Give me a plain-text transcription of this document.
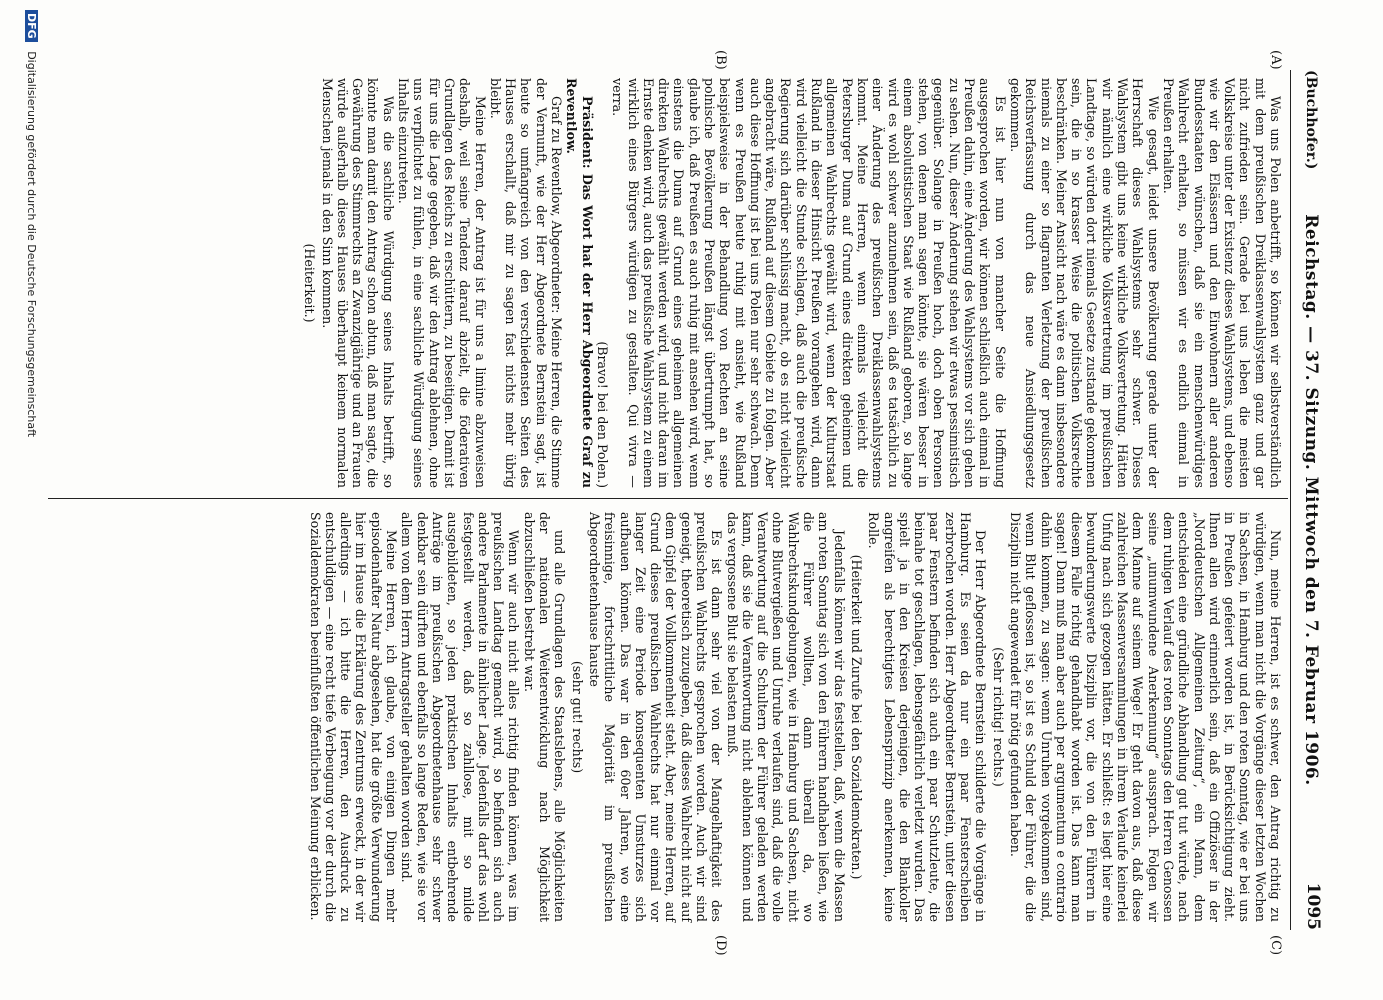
(Buchhofer.)
Reichstag. — 37. Sitzung. Mittwoch den 7. Februar 1906.
1095
(A)
(B)
(C)
(D)

Was uns Polen anbetrifft, so können wir selbstverständlich mit dem preußischen Dreiklassenwahlsystem ganz und gar nicht zufrieden sein. Gerade bei uns leben die meisten Volkskreise unter der Existenz dieses Wahlsystems, und ebenso wie wir den Elsässern und den Einwohnern aller anderen Bundesstaaten wünschen, daß sie ein menschenwürdiges Wahlrecht erhalten, so müssen wir es endlich einmal in Preußen erhalten.

Wie gesagt, leidet unsere Bevölkerung gerade unter der Herrschaft dieses Wahlsystems sehr schwer. Dieses Wahlsystem gibt uns keine wirkliche Volksvertretung. Hätten wir nämlich eine wirkliche Volksvertretung im preußischen Landtage, so würden dort niemals Gesetze zustande gekommen sein, die in so krasser Weise die politischen Volksrechte beschränken. Meiner Ansicht nach wäre es dann insbesondere niemals zu einer so flagranten Verletzung der preußischen Reichsverfassung durch das neue Ansiedlungsgesetz gekommen.

Es ist hier nun von mancher Seite die Hoffnung ausgesprochen worden, wir können schließlich auch einmal in Preußen dahin, eine Änderung des Wahlsystems vor sich gehen zu sehen. Nun, dieser Änderung stehen wir etwas pessimistisch gegenüber. Solange in Preußen hoch, doch oben Personen stehen, von denen man sagen könnte, sie wären besser in einem absolutistischen Staat wie Rußland geboren, so lange wird es wohl schwer anzunehmen sein, daß es tatsächlich zu einer Änderung des preußischen Dreiklassenwahlsystems kommt. Meine Herren, wenn einmals vielleicht die Petersburger Duma auf Grund eines direkten geheimen und allgemeinen Wahlrechts gewählt wird, wenn der Kulturstaat Rußland in dieser Hinsicht Preußen vorangehen wird, dann wird vielleicht die Stunde schlagen, daß auch die preußische Regierung sich darüber schlüssig macht, ob es nicht vielleicht angebracht wäre, Rußland auf diesem Gebiete zu folgen. Aber auch diese Hoffnung ist bei uns Polen nur sehr schwach. Denn wenn es Preußen heute ruhig mit ansieht, wie Rußland beispielsweise in der Behandlung von Rechten an seine polnische Bevölkerung Preußen längst übertrumpft hat, so glaube ich, daß Preußen es auch ruhig mit ansehen wird, wenn einstens die Duma auf Grund eines geheimen allgemeinen direkten Wahlrechts gewählt werden wird, und nicht daran im Ernste denken wird, auch das preußische Wahlsystem zu einem wirklich eines Bürgers würdigen zu gestalten. Qui vivra — verra.

(Bravo! bei den Polen.)

Präsident: Das Wort hat der Herr Abgeordnete Graf zu Reventlow.

Graf zu Reventlow, Abgeordneter: Meine Herren, die Stimme der Vernunft, wie der Herr Abgeordnete Bernstein sagt, ist heute so umfangreich von den verschiedensten Seiten des Hauses erschallt, daß mir zu sagen fast nichts mehr übrig bleibt.

Meine Herren, der Antrag ist für uns a limine abzuweisen deshalb, weil seine Tendenz darauf abzielt, die föderativen Grundlagen des Reichs zu erschüttern, zu beseitigen. Damit ist für uns die Lage gegeben, daß wir den Antrag ablehnen, ohne uns verpflichtet zu fühlen, in eine sachliche Würdigung seines Inhalts einzutreten.

Was die sachliche Würdigung seines Inhalts betrifft, so könnte man damit den Antrag schon abtun, daß man sagte, die Gewährung des Stimmrechts an Zwanzigjährige und an Frauen würde außerhalb dieses Hauses überhaupt keinem normalen Menschen jemals in den Sinn kommen.

(Heiterkeit.)

Nun, meine Herren, ist es schwer, den Antrag richtig zu würdigen, wenn man nicht die Vorgänge dieser letzten Wochen in Sachsen, in Hamburg und den roten Sonntag, wie er bei uns in Preußen gefeiert worden ist, in Berücksichtigung zieht. Ihnen allen wird erinnerlich sein, daß ein Offiziöser in der „Norddeutschen Allgemeinen Zeitung“, ein Mann, dem entschieden eine gründliche Abhandlung gut tut würde, nach dem ruhigen Verlauf des roten Sonntags den Herren Genossen seine „unumwundene Anerkennung“ aussprach. Folgen wir dem Manne auf seinem Wege! Er geht davon aus, daß diese zahlreichen Massenversammlungen in ihrem Verlaufe keinerlei Unfug nach sich gezogen hätten. Er schließt: es liegt hier eine bewunderungswerte Disziplin vor, die von den Führern in diesem Falle richtig gehandhabt worden ist. Das kann man sagen! Dann muß man aber auch per argumentum e contrario dahin kommen, zu sagen: wenn Unruhen vorgekommen sind, wenn Blut geflossen ist, so ist es Schuld der Führer, die die Disziplin nicht angewendet für nötig gefunden haben.

(Sehr richtig! rechts.)

Der Herr Abgeordnete Bernstein schilderte die Vorgänge in Hamburg. Es seien da nur ein paar Fensterscheiben zerbrochen worden. Herr Abgeordneter Bernstein, unter diesen paar Fenstern befinden sich auch ein paar Schutzleute, die beinahe tot geschlagen, lebensgefährlich verletzt wurden. Das spielt ja in den Kreisen derjenigen, die den Blankoller angreifen als berechtigtes Lebensprinzip anerkennen, keine Rolle.

(Heiterkeit und Zurufe bei den Sozialdemokraten.)

Jedenfalls können wir das feststellen, daß, wenn die Massen am roten Sonntag sich von den Führern handhaben ließen, wie die Führer wollten, dann überall da, wo Wahlrechtskundgebungen, wie in Hamburg und Sachsen, nicht ohne Blutvergießen und Unruhe verlaufen sind, daß die volle Verantwortung auf die Schultern der Führer geladen werden kann, daß sie die Verantwortung nicht ablehnen können und das vergossene Blut sie belasten muß.

Es ist dann sehr viel von der Mangelhaftigkeit des preußischen Wahlrechts gesprochen worden. Auch wir sind geneigt, theoretisch zuzugeben, daß dieses Wahlrecht nicht auf dem Gipfel der Vollkommenheit steht. Aber, meine Herren, auf Grund dieses preußischen Wahlrechts hat nur einmal vor langer Zeit eine Periode konsequenten Umsturzes sich aufbauen können. Das war in den 60er Jahren, wo eine freisinnige, fortschrittliche Majorität im preußischen Abgeordnetenhause hauste

(sehr gut! rechts)

und alle Grundlagen des Staatslebens, alle Möglichkeiten der nationalen Weiterentwicklung nach Möglichkeit abzuschließen bestrebt war.

Wenn wir auch nicht alles richtig finden können, was im preußischen Landtag gemacht wird, so befinden sich auch andere Parlamente in ähnlicher Lage. Jedenfalls darf das wohl festgestellt werden, daß so zahllose, mit so milde ausgebildeten, so jeden praktischen Inhalts entbehrende Anträge im preußischen Abgeordnetenhause sehr schwer denkbar sein dürften und ebenfalls so lange Reden, wie sie vor allem von dem Herrn Antragsteller gehalten worden sind.

Meine Herren, ich glaube, von einigen Dingen mehr episodenhafter Natur abgesehen, hat die größte Verwunderung hier im Hause die Erklärung des Zentrums erweckt, in der wir allerdings — ich bitte die Herren, den Ausdruck zu entschuldigen — eine recht tiefe Verbeugung vor der durch die Sozialdemokraten beeinflußten öffentlichen Meinung erblicken.

DFG Digitalisierung gefördert durch die Deutsche Forschungsgemeinschaft
